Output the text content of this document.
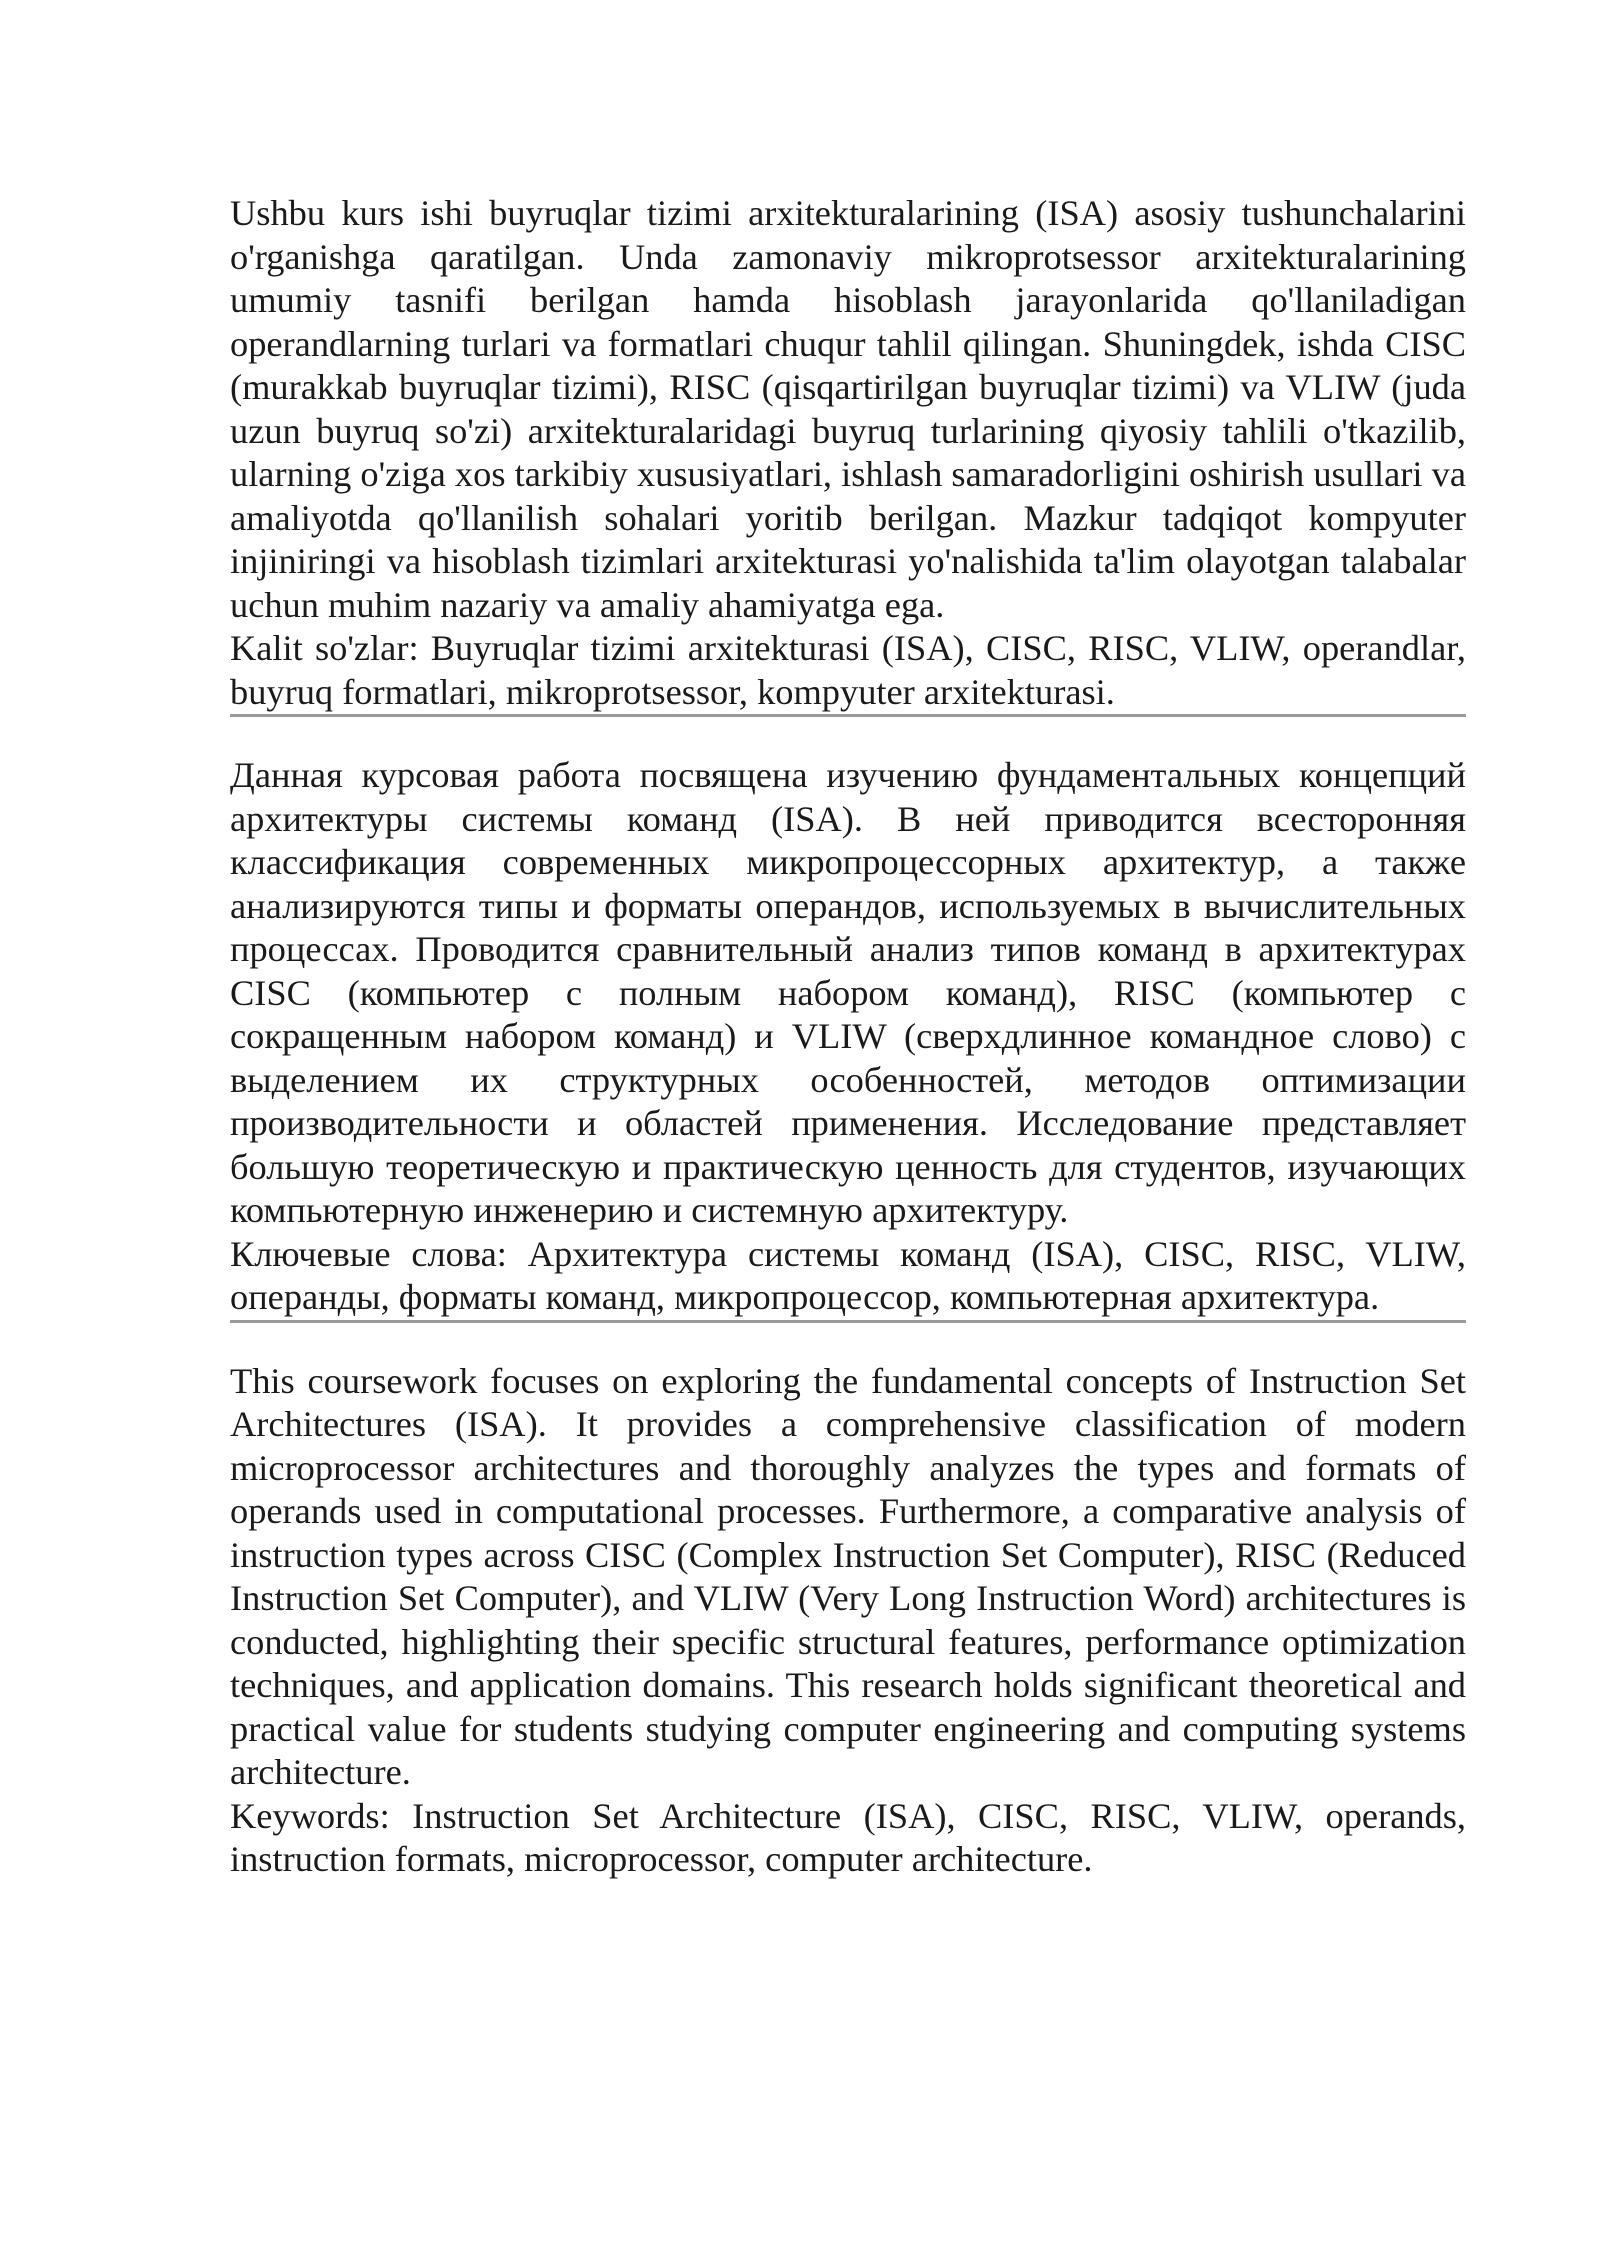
Ushbu kurs ishi buyruqlar tizimi arxitekturalarining (ISA) asosiy tushunchalarini o'rganishga qaratilgan. Unda zamonaviy mikroprotsessor arxitekturalarining umumiy tasnifi berilgan hamda hisoblash jarayonlarida qo'llaniladigan operandlarning turlari va formatlari chuqur tahlil qilingan. Shuningdek, ishda CISC (murakkab buyruqlar tizimi), RISC (qisqartirilgan buyruqlar tizimi) va VLIW (juda uzun buyruq so'zi) arxitekturalaridagi buyruq turlarining qiyosiy tahlili o'tkazilib, ularning o'ziga xos tarkibiy xususiyatlari, ishlash samaradorligini oshirish usullari va amaliyotda qo'llanilish sohalari yoritib berilgan. Mazkur tadqiqot kompyuter injiniringi va hisoblash tizimlari arxitekturasi yo'nalishida ta'lim olayotgan talabalar uchun muhim nazariy va amaliy ahamiyatga ega.

Kalit so'zlar: Buyruqlar tizimi arxitekturasi (ISA), CISC, RISC, VLIW, operandlar, buyruq formatlari, mikroprotsessor, kompyuter arxitekturasi.

Данная курсовая работа посвящена изучению фундаментальных концепций архитектуры системы команд (ISA). В ней приводится всесторонняя классификация современных микропроцессорных архитектур, а также анализируются типы и форматы операндов, используемых в вычислительных процессах. Проводится сравнительный анализ типов команд в архитектурах CISC (компьютер с полным набором команд), RISC (компьютер с сокращенным набором команд) и VLIW (сверхдлинное командное слово) с выделением их структурных особенностей, методов оптимизации производительности и областей применения. Исследование представляет большую теоретическую и практическую ценность для студентов, изучающих компьютерную инженерию и системную архитектуру.

Ключевые слова: Архитектура системы команд (ISA), CISC, RISC, VLIW, операнды, форматы команд, микропроцессор, компьютерная архитектура.

This coursework focuses on exploring the fundamental concepts of Instruction Set Architectures (ISA). It provides a comprehensive classification of modern microprocessor architectures and thoroughly analyzes the types and formats of operands used in computational processes. Furthermore, a comparative analysis of instruction types across CISC (Complex Instruction Set Computer), RISC (Reduced Instruction Set Computer), and VLIW (Very Long Instruction Word) architectures is conducted, highlighting their specific structural features, performance optimization techniques, and application domains. This research holds significant theoretical and practical value for students studying computer engineering and computing systems architecture.

Keywords: Instruction Set Architecture (ISA), CISC, RISC, VLIW, operands, instruction formats, microprocessor, computer architecture.
